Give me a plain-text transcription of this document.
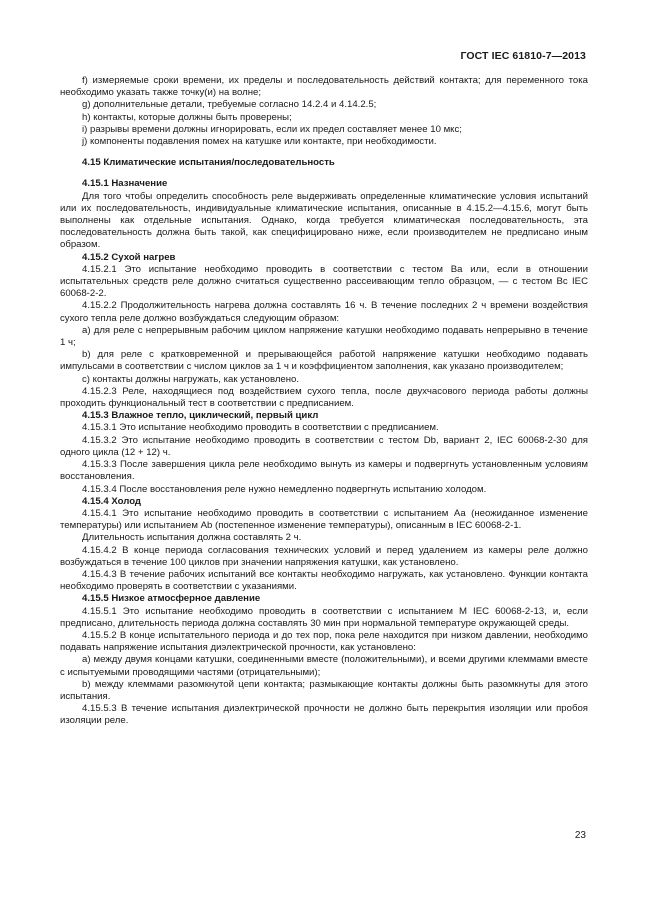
ГОСТ IEC 61810-7—2013

f) измеряемые сроки времени, их пределы и последовательность действий контакта; для переменного тока необходимо указать также точку(и) на волне;

g) дополнительные детали, требуемые согласно 14.2.4 и 4.14.2.5;

h) контакты, которые должны быть проверены;

i) разрывы времени должны игнорировать, если их предел составляет менее 10 мкс;

j) компоненты подавления помех на катушке или контакте, при необходимости.

4.15 Климатические испытания/последовательность

4.15.1 Назначение

Для того чтобы определить способность реле выдерживать определенные климатические условия испытаний или их последовательность, индивидуальные климатические испытания, описанные в 4.15.2—4.15.6, могут быть выполнены как отдельные испытания. Однако, когда требуется климатическая последовательность, эта последовательность должна быть такой, как специфицировано ниже, если производителем не предписано иным образом.

4.15.2 Сухой нагрев

4.15.2.1 Это испытание необходимо проводить в соответствии с тестом Ва или, если в отношении испытательных средств реле должно считаться существенно рассеивающим тепло образцом, — с тестом Вс IEC 60068-2-2.

4.15.2.2 Продолжительность нагрева должна составлять 16 ч. В течение последних 2 ч времени воздействия сухого тепла реле должно возбуждаться следующим образом:

а) для реле с непрерывным рабочим циклом напряжение катушки необходимо подавать непрерывно в течение 1 ч;

b) для реле с кратковременной и прерывающейся работой напряжение катушки необходимо подавать импульсами в соответствии с числом циклов за 1 ч и коэффициентом заполнения, как указано производителем;

с) контакты должны нагружать, как установлено.

4.15.2.3 Реле, находящиеся под воздействием сухого тепла, после двухчасового периода работы должны проходить функциональный тест в соответствии с предписанием.

4.15.3 Влажное тепло, циклический, первый цикл

4.15.3.1 Это испытание необходимо проводить в соответствии с предписанием.

4.15.3.2 Это испытание необходимо проводить в соответствии с тестом Db, вариант 2, IEC 60068-2-30 для одного цикла (12 + 12) ч.

4.15.3.3 После завершения цикла реле необходимо вынуть из камеры и подвергнуть установленным условиям восстановления.

4.15.3.4 После восстановления реле нужно немедленно подвергнуть испытанию холодом.

4.15.4 Холод

4.15.4.1 Это испытание необходимо проводить в соответствии с испытанием Аа (неожиданное изменение температуры) или испытанием Аb (постепенное изменение температуры), описанным в IEC 60068-2-1.

Длительность испытания должна составлять 2 ч.

4.15.4.2 В конце периода согласования технических условий и перед удалением из камеры реле должно возбуждаться в течение 100 циклов при значении напряжения катушки, как установлено.

4.15.4.3 В течение рабочих испытаний все контакты необходимо нагружать, как установлено. Функции контакта необходимо проверять в соответствии с указаниями.

4.15.5 Низкое атмосферное давление

4.15.5.1 Это испытание необходимо проводить в соответствии с испытанием М IEC 60068-2-13, и, если предписано, длительность периода должна составлять 30 мин при нормальной температуре окружающей среды.

4.15.5.2 В конце испытательного периода и до тех пор, пока реле находится при низком давлении, необходимо подавать напряжение испытания диэлектрической прочности, как установлено:

а) между двумя концами катушки, соединенными вместе (положительными), и всеми другими клеммами вместе с испытуемыми проводящими частями (отрицательными);

b) между клеммами разомкнутой цепи контакта; размыкающие контакты должны быть разомкнуты для этого испытания.

4.15.5.3 В течение испытания диэлектрической прочности не должно быть перекрытия изоляции или пробоя изоляции реле.

23
